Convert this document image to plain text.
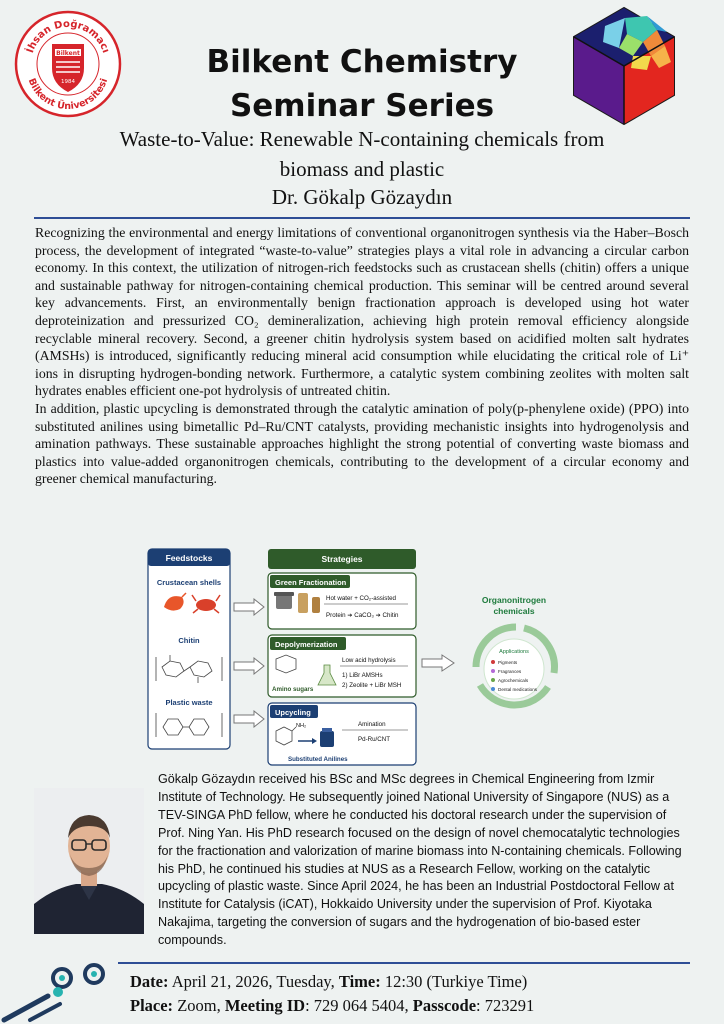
İhsan Doğramacı
Bilkent Üniversitesi
Bilkent
1984
Bilkent Chemistry
Seminar Series
Waste-to-Value: Renewable N-containing chemicals from
biomass and plastic
Dr. Gökalp Gözaydın

Recognizing the environmental and energy limitations of conventional organonitrogen synthesis via the Haber–Bosch process, the development of integrated “waste-to-value” strategies plays a vital role in advancing a circular carbon economy. In this context, the utilization of nitrogen-rich feedstocks such as crustacean shells (chitin) offers a unique and sustainable pathway for nitrogen-containing chemical production. This seminar will be centred around several key advancements. First, an environmentally benign fractionation approach is developed using hot water deproteinization and pressurized CO₂ demineralization, achieving high protein removal efficiency alongside recyclable mineral recovery. Second, a greener chitin hydrolysis system based on acidified molten salt hydrates (AMSHs) is introduced, significantly reducing mineral acid consumption while elucidating the critical role of Li⁺ ions in disrupting hydrogen-bonding network. Furthermore, a catalytic system combining zeolites with molten salt hydrates enables efficient one-pot hydrolysis of untreated chitin.

In addition, plastic upcycling is demonstrated through the catalytic amination of poly(p-phenylene oxide) (PPO) into substituted anilines using bimetallic Pd–Ru/CNT catalysts, providing mechanistic insights into hydrogenolysis and amination pathways. These sustainable approaches highlight the strong potential of converting waste biomass and plastics into value-added organonitrogen chemicals, contributing to the development of a circular economy and greener chemical manufacturing.

Feedstocks
Crustacean shells
Chitin
Plastic waste
Strategies
Green Fractionation
Hot water + CO₂-assisted
Protein ➔ CaCO₃ ➔ Chitin
Depolymerization
Amino sugars
Low acid hydrolysis
1) LiBr AMSHs
2) Zeolite + LiBr MSH
Upcycling
NH₂	Amination
Pd-Ru/CNT
Substituted Anilines
Organonitrogen
chemicals
Applications
Pigments
Fragrances
Agrochemicals
Dental medications

Gökalp Gözaydın received his BSc and MSc degrees in Chemical Engineering from Izmir Institute of Technology. He subsequently joined National University of Singapore (NUS) as a TEV-SINGA PhD fellow, where he conducted his doctoral research under the supervision of Prof. Ning Yan. His PhD research focused on the design of novel chemocatalytic technologies for the fractionation and valorization of marine biomass into N-containing chemicals. Following his PhD, he continued his studies at NUS as a Research Fellow, working on the catalytic upcycling of plastic waste. Since April 2024, he has been an Industrial Postdoctoral Fellow at Institute for Catalysis (iCAT), Hokkaido University under the supervision of Prof. Kiyotaka Nakajima, targeting the conversion of sugars and the hydrogenation of bio-based ester compounds.

Date: April 21, 2026, Tuesday, Time: 12:30 (Turkiye Time)
Place: Zoom, Meeting ID: 729 064 5404, Passcode: 723291
